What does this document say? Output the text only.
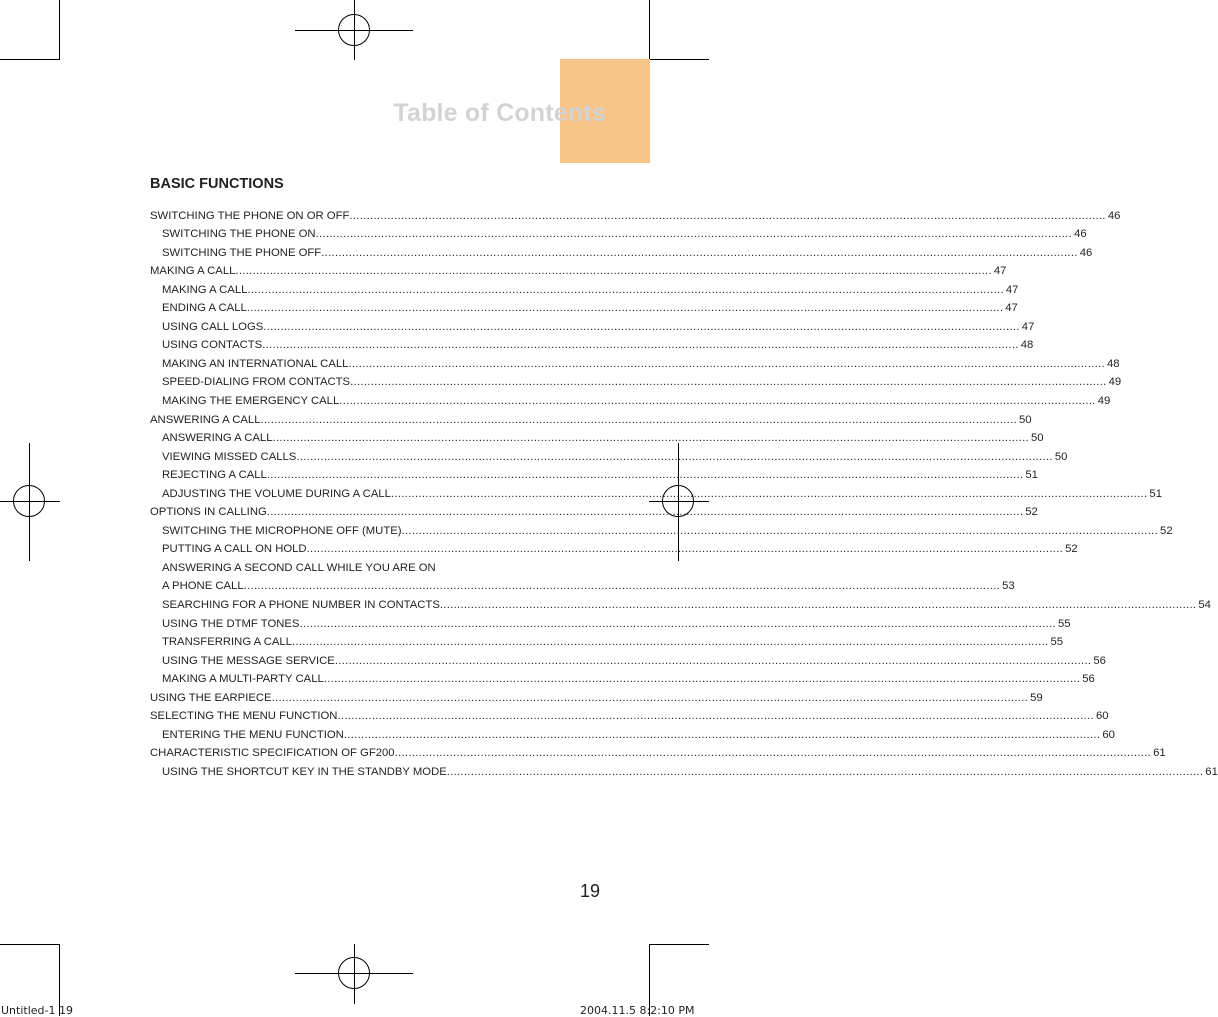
Table of Contents
BASIC FUNCTIONS
SWITCHING THE PHONE ON OR OFF ............................................................................................................................................................................................................................ 46
SWITCHING THE PHONE ON ............................................................................................................................................................................................................................ 46
SWITCHING THE PHONE OFF ............................................................................................................................................................................................................................ 46
MAKING A CALL ............................................................................................................................................................................................................................ 47
MAKING A CALL ............................................................................................................................................................................................................................ 47
ENDING A CALL ............................................................................................................................................................................................................................ 47
USING CALL LOGS ............................................................................................................................................................................................................................ 47
USING CONTACTS ............................................................................................................................................................................................................................ 48
MAKING AN INTERNATIONAL CALL ............................................................................................................................................................................................................................ 48
SPEED-DIALING FROM CONTACTS ............................................................................................................................................................................................................................ 49
MAKING THE EMERGENCY CALL ............................................................................................................................................................................................................................ 49
ANSWERING A CALL ............................................................................................................................................................................................................................ 50
ANSWERING A CALL ............................................................................................................................................................................................................................ 50
VIEWING MISSED CALLS ............................................................................................................................................................................................................................ 50
REJECTING A CALL ............................................................................................................................................................................................................................ 51
ADJUSTING THE VOLUME DURING A CALL ............................................................................................................................................................................................................................ 51
OPTIONS IN CALLING ............................................................................................................................................................................................................................ 52
SWITCHING THE MICROPHONE OFF (MUTE) ............................................................................................................................................................................................................................ 52
PUTTING A CALL ON HOLD ............................................................................................................................................................................................................................ 52
ANSWERING A SECOND CALL WHILE YOU ARE ON
A PHONE CALL ............................................................................................................................................................................................................................ 53
SEARCHING FOR A PHONE NUMBER IN CONTACTS ............................................................................................................................................................................................................................ 54
USING THE DTMF TONES ............................................................................................................................................................................................................................ 55
TRANSFERRING A CALL ............................................................................................................................................................................................................................ 55
USING THE MESSAGE SERVICE ............................................................................................................................................................................................................................ 56
MAKING A MULTI-PARTY CALL ............................................................................................................................................................................................................................ 56
USING THE EARPIECE ............................................................................................................................................................................................................................ 59
SELECTING THE MENU FUNCTION ............................................................................................................................................................................................................................ 60
ENTERING THE MENU FUNCTION ............................................................................................................................................................................................................................ 60
CHARACTERISTIC SPECIFICATION OF GF200 ............................................................................................................................................................................................................................ 61
USING THE SHORTCUT KEY IN THE STANDBY MODE ............................................................................................................................................................................................................................ 61
19
Untitled-1 19	2004.11.5 8:2:10 PM
